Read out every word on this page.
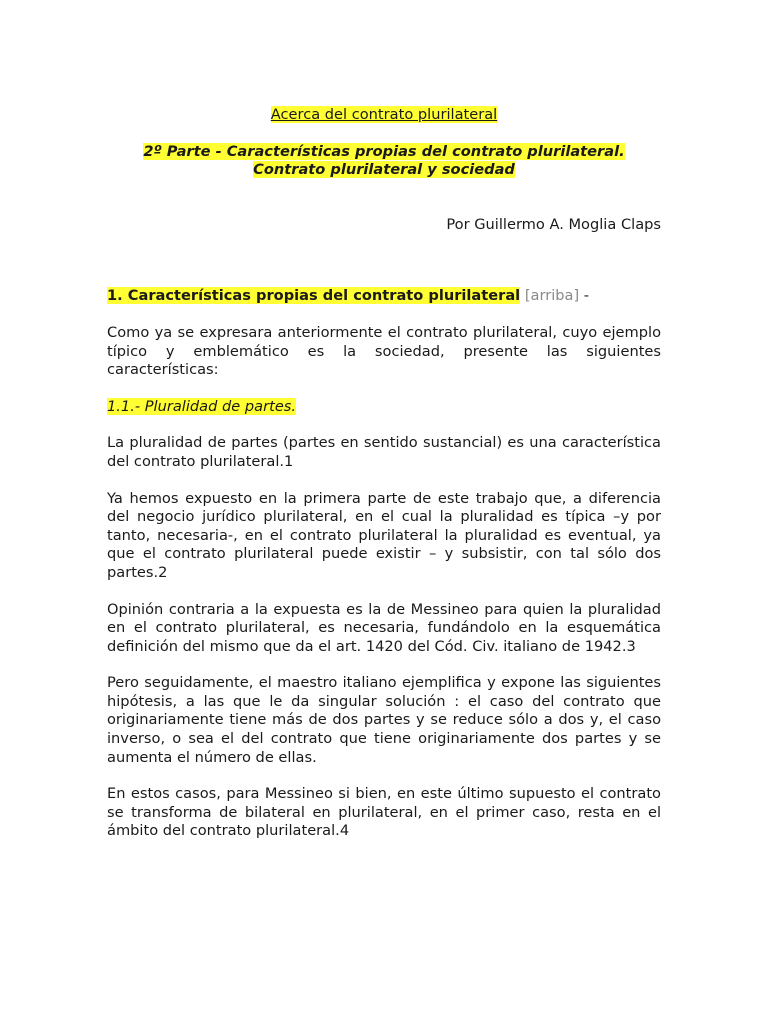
Acerca del contrato plurilateral
2º Parte - Características propias del contrato plurilateral.
Contrato plurilateral y sociedad
Por Guillermo A. Moglia Claps
1. Características propias del contrato plurilateral [arriba] -

Como ya se expresara anteriormente el contrato plurilateral, cuyo ejemplo típico y emblemático es la sociedad, presente las siguientes características:

1.1.- Pluralidad de partes.

La pluralidad de partes (partes en sentido sustancial) es una característica del contrato plurilateral.1

Ya hemos expuesto en la primera parte de este trabajo que, a diferencia del negocio jurídico plurilateral, en el cual la pluralidad es típica –y por tanto, necesaria-, en el contrato plurilateral la pluralidad es eventual, ya que el contrato plurilateral puede existir – y subsistir, con tal sólo dos partes.2

Opinión contraria a la expuesta es la de Messineo para quien la pluralidad en el contrato plurilateral, es necesaria, fundándolo en la esquemática definición del mismo que da el art. 1420 del Cód. Civ. italiano de 1942.3

Pero seguidamente, el maestro italiano ejemplifica y expone las siguientes hipótesis, a las que le da singular solución : el caso del contrato que originariamente tiene más de dos partes y se reduce sólo a dos y, el caso inverso, o sea el del contrato que tiene originariamente dos partes y se aumenta el número de ellas.

En estos casos, para Messineo si bien, en este último supuesto el contrato se transforma de bilateral en plurilateral, en el primer caso, resta en el ámbito del contrato plurilateral.4
